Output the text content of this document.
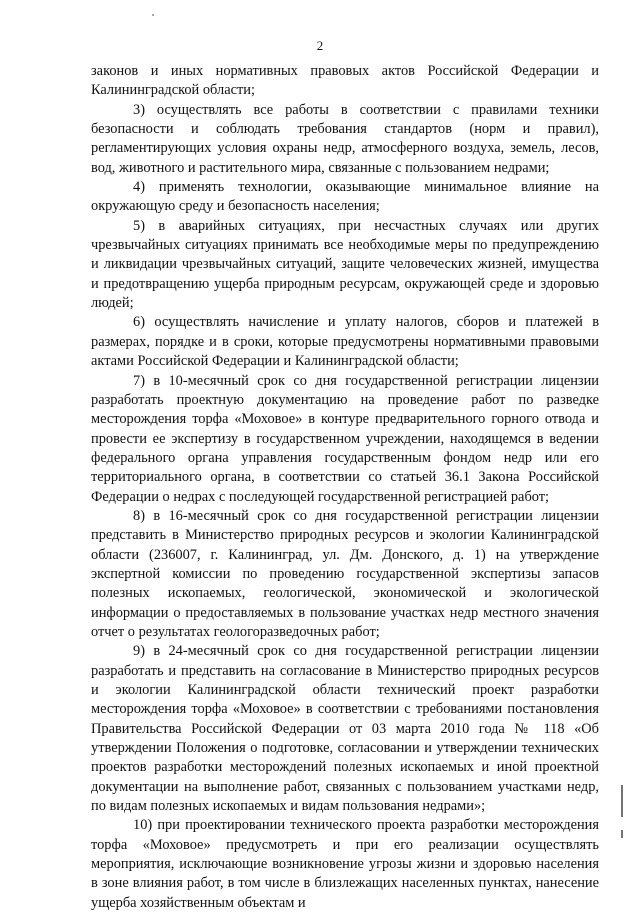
2

законов и иных нормативных правовых актов Российской Федерации и Калининградской области;

3) осуществлять все работы в соответствии с правилами техники безопасности и соблюдать требования стандартов (норм и правил), регламентирующих условия охраны недр, атмосферного воздуха, земель, лесов, вод, животного и растительного мира, связанные с пользованием недрами;

4) применять технологии, оказывающие минимальное влияние на окружающую среду и безопасность населения;

5) в аварийных ситуациях, при несчастных случаях или других чрезвычайных ситуациях принимать все необходимые меры по предупреждению и ликвидации чрезвычайных ситуаций, защите человеческих жизней, имущества и предотвращению ущерба природным ресурсам, окружающей среде и здоровью людей;

6) осуществлять начисление и уплату налогов, сборов и платежей в размерах, порядке и в сроки, которые предусмотрены нормативными правовыми актами Российской Федерации и Калининградской области;

7) в 10-месячный срок со дня государственной регистрации лицензии разработать проектную документацию на проведение работ по разведке месторождения торфа «Моховое» в контуре предварительного горного отвода и провести ее экспертизу в государственном учреждении, находящемся в ведении федерального органа управления государственным фондом недр или его территориального органа, в соответствии со статьей 36.1 Закона Российской Федерации о недрах с последующей государственной регистрацией работ;

8) в 16-месячный срок со дня государственной регистрации лицензии представить в Министерство природных ресурсов и экологии Калининградской области (236007, г. Калининград, ул. Дм. Донского, д. 1) на утверждение экспертной комиссии по проведению государственной экспертизы запасов полезных ископаемых, геологической, экономической и экологической информации о предоставляемых в пользование участках недр местного значения отчет о результатах геологоразведочных работ;

9) в 24-месячный срок со дня государственной регистрации лицензии разработать и представить на согласование в Министерство природных ресурсов и экологии Калининградской области технический проект разработки месторождения торфа «Моховое» в соответствии с требованиями постановления Правительства Российской Федерации от 03 марта 2010 года № 118 «Об утверждении Положения о подготовке, согласовании и утверждении технических проектов разработки месторождений полезных ископаемых и иной проектной документации на выполнение работ, связанных с пользованием участками недр, по видам полезных ископаемых и видам пользования недрами»;

10) при проектировании технического проекта разработки месторождения торфа «Моховое» предусмотреть и при его реализации осуществлять мероприятия, исключающие возникновение угрозы жизни и здоровью населения в зоне влияния работ, в том числе в близлежащих населенных пунктах, нанесение ущерба хозяйственным объектам и
